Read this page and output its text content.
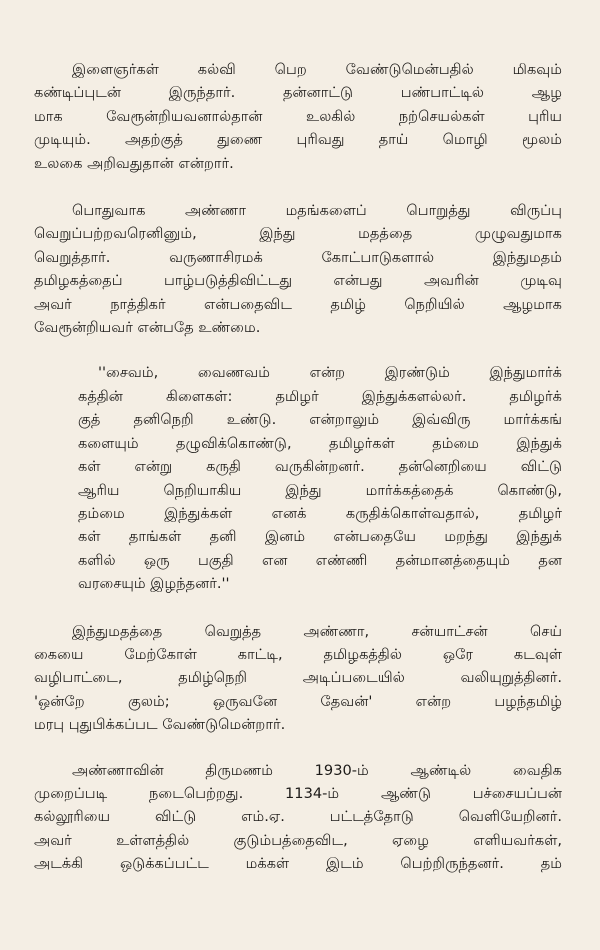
இளைஞர்கள் கல்வி பெற வேண்டுமென்பதில் மிகவும்
கண்டிப்புடன் இருந்தார். தன்னாட்டு பண்பாட்டில் ஆழ
மாக வேரூன்றியவனால்தான் உலகில் நற்செயல்கள் புரிய
முடியும். அதற்குத் துணை புரிவது தாய் மொழி மூலம்
உலகை அறிவதுதான் என்றார்.

பொதுவாக அண்ணா மதங்களைப் பொறுத்து விருப்பு
வெறுப்பற்றவரெனினும், இந்து மதத்தை முழுவதுமாக
வெறுத்தார். வருணாசிரமக் கோட்பாடுகளால் இந்துமதம்
தமிழகத்தைப் பாழ்படுத்திவிட்டது என்பது அவரின் முடிவு
அவர் நாத்திகர் என்பதைவிட தமிழ் நெறியில் ஆழமாக
வேரூன்றியவர் என்பதே உண்மை.

''சைவம், வைணவம் என்ற இரண்டும் இந்துமார்க்
கத்தின் கிளைகள்: தமிழர் இந்துக்களல்லர். தமிழர்க்
குத் தனிநெறி உண்டு. என்றாலும் இவ்விரு மார்க்கங்
களையும் தழுவிக்கொண்டு, தமிழர்கள் தம்மை இந்துக்
கள் என்று கருதி வருகின்றனர். தன்னெறியை விட்டு
ஆரிய நெறியாகிய இந்து மார்க்கத்தைக் கொண்டு,
தம்மை இந்துக்கள் எனக் கருதிக்கொள்வதால், தமிழர்
கள் தாங்கள் தனி இனம் என்பதையே மறந்து இந்துக்
களில் ஒரு பகுதி என எண்ணி தன்மானத்தையும் தன
வரசையும் இழந்தனர்.''

இந்துமதத்தை வெறுத்த அண்ணா, சன்யாட்சன் செய்
கையை மேற்கோள் காட்டி, தமிழகத்தில் ஒரே கடவுள்
வழிபாட்டை, தமிழ்நெறி அடிப்படையில் வலியுறுத்தினர்.
'ஒன்றே குலம்; ஒருவனே தேவன்' என்ற பழந்தமிழ்
மரபு புதுபிக்கப்பட வேண்டுமென்றார்.

அண்ணாவின் திருமணம் 1930-ம் ஆண்டில் வைதிக
முறைப்படி நடைபெற்றது. 1134-ம் ஆண்டு பச்சையப்பன்
கல்லூரியை விட்டு எம்.ஏ. பட்டத்தோடு வெளியேறினர்.
அவர் உள்ளத்தில் குடும்பத்தைவிட, ஏழை எளியவர்கள்,
அடக்கி ஒடுக்கப்பட்ட மக்கள் இடம் பெற்றிருந்தனர். தம்
